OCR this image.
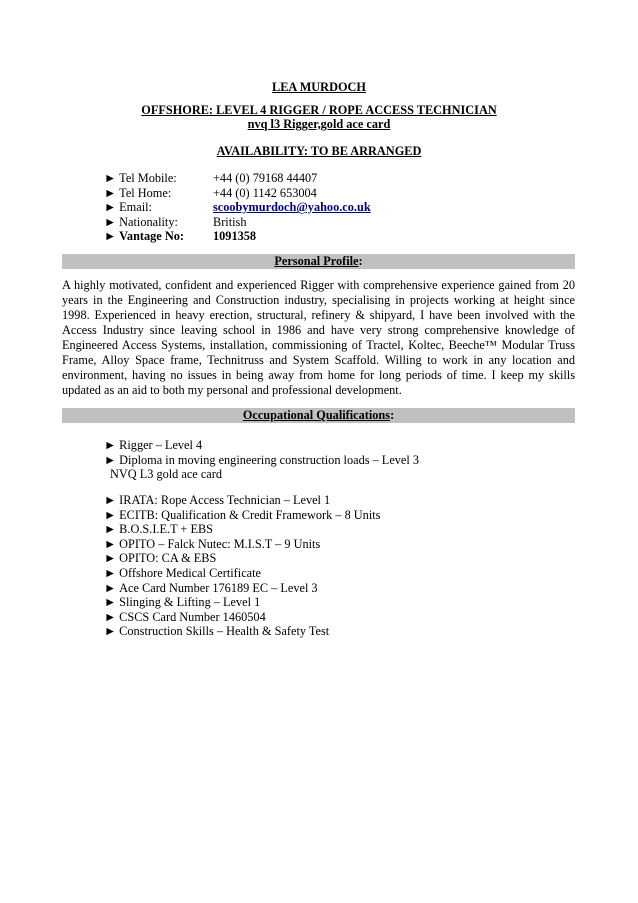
LEA MURDOCH
OFFSHORE: LEVEL 4 RIGGER / ROPE ACCESS TECHNICIAN
nvq l3 Rigger,gold ace card
AVAILABILITY: TO BE ARRANGED
► Tel Mobile:	+44 (0) 79168 44407
► Tel Home:	+44 (0) 1142 653004
► Email:	scoobymurdoch@yahoo.co.uk
► Nationality:	British
► Vantage No:	1091358
Personal Profile:
A highly motivated, confident and experienced Rigger with comprehensive experience gained from 20 years in the Engineering and Construction industry, specialising in projects working at height since 1998. Experienced in heavy erection, structural, refinery & shipyard, I have been involved with the Access Industry since leaving school in 1986 and have very strong comprehensive knowledge of Engineered Access Systems, installation, commissioning of Tractel, Koltec, Beeche™ Modular Truss Frame, Alloy Space frame, Technitruss and System Scaffold. Willing to work in any location and environment, having no issues in being away from home for long periods of time. I keep my skills updated as an aid to both my personal and professional development.
Occupational Qualifications:
► Rigger – Level 4
► Diploma in moving engineering construction loads – Level 3
NVQ L3 gold ace card
► IRATA: Rope Access Technician – Level 1
► ECITB: Qualification & Credit Framework – 8 Units
► B.O.S.I.E.T + EBS
► OPITO – Falck Nutec: M.I.S.T – 9 Units
► OPITO: CA & EBS
► Offshore Medical Certificate
► Ace Card Number 176189 EC – Level 3
► Slinging & Lifting – Level 1
► CSCS Card Number 1460504
► Construction Skills – Health & Safety Test
